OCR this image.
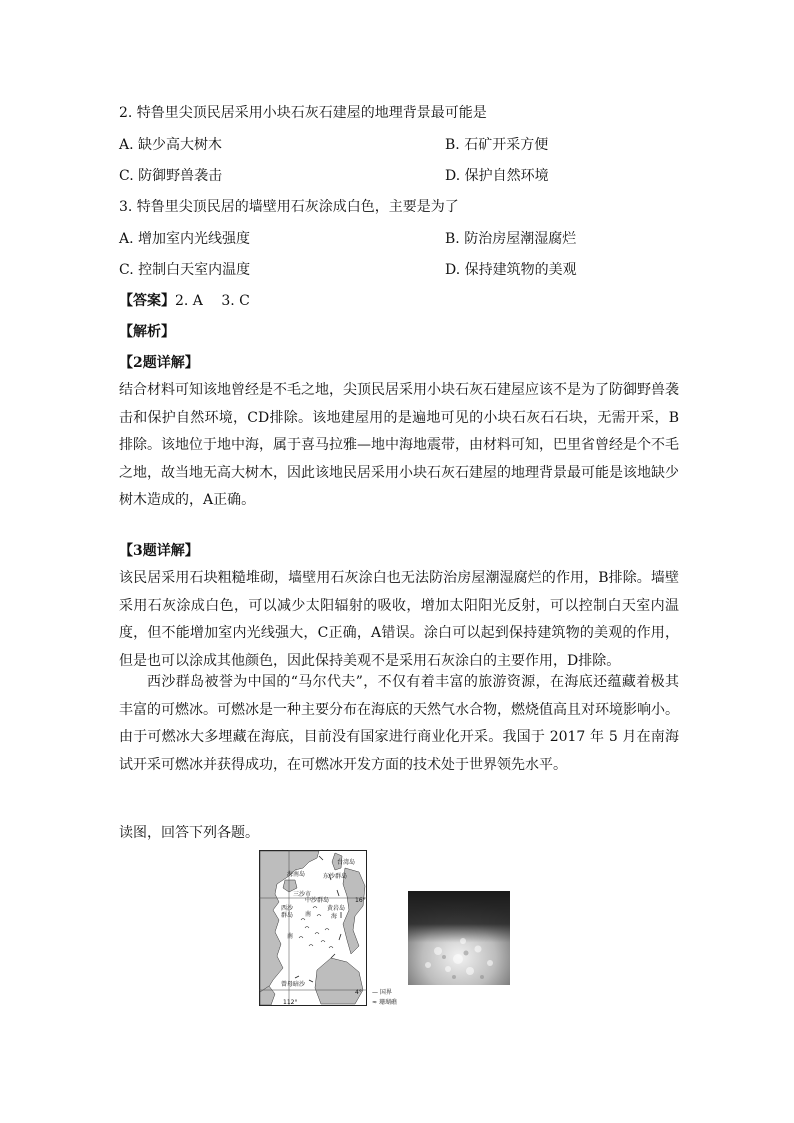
2. 特鲁里尖顶民居采用小块石灰石建屋的地理背景最可能是
A. 缺少高大树木	B. 石矿开采方便
C. 防御野兽袭击	D. 保护自然环境
3. 特鲁里尖顶民居的墙壁用石灰涂成白色，主要是为了
A. 增加室内光线强度	B. 防治房屋潮湿腐烂
C. 控制白天室内温度	D. 保持建筑物的美观
【答案】2. A　 3. C
【解析】
【2题详解】
结合材料可知该地曾经是不毛之地，尖顶民居采用小块石灰石建屋应该不是为了防御野兽袭击和保护自然环境，CD排除。该地建屋用的是遍地可见的小块石灰石石块，无需开采，B排除。该地位于地中海，属于喜马拉雅—地中海地震带，由材料可知，巴里省曾经是个不毛之地，故当地无高大树木，因此该地民居采用小块石灰石建屋的地理背景最可能是该地缺少树木造成的，A正确。
【3题详解】
该民居采用石块粗糙堆砌，墙壁用石灰涂白也无法防治房屋潮湿腐烂的作用，B排除。墙壁采用石灰涂成白色，可以减少太阳辐射的吸收，增加太阳阳光反射，可以控制白天室内温度，但不能增加室内光线强大，C正确，A错误。涂白可以起到保持建筑物的美观的作用，但是也可以涂成其他颜色，因此保持美观不是采用石灰涂白的主要作用，D排除。
西沙群岛被誉为中国的“马尔代夫”，不仅有着丰富的旅游资源，在海底还蕴藏着极其丰富的可燃冰。可燃冰是一种主要分布在海底的天然气水合物，燃烧值高且对环境影响小。由于可燃冰大多埋藏在海底，目前没有国家进行商业化开采。我国于 2017 年 5 月在南海试开采可燃冰并获得成功，在可燃冰开发方面的技术处于世界领先水平。
读图，回答下列各题。
台湾岛
海南岛	东沙群岛
三沙市
中沙群岛
黄岩岛
西沙
群岛 南	海
南
曾母暗沙
16°
4°
112°
— 国界
≈ 珊瑚礁
